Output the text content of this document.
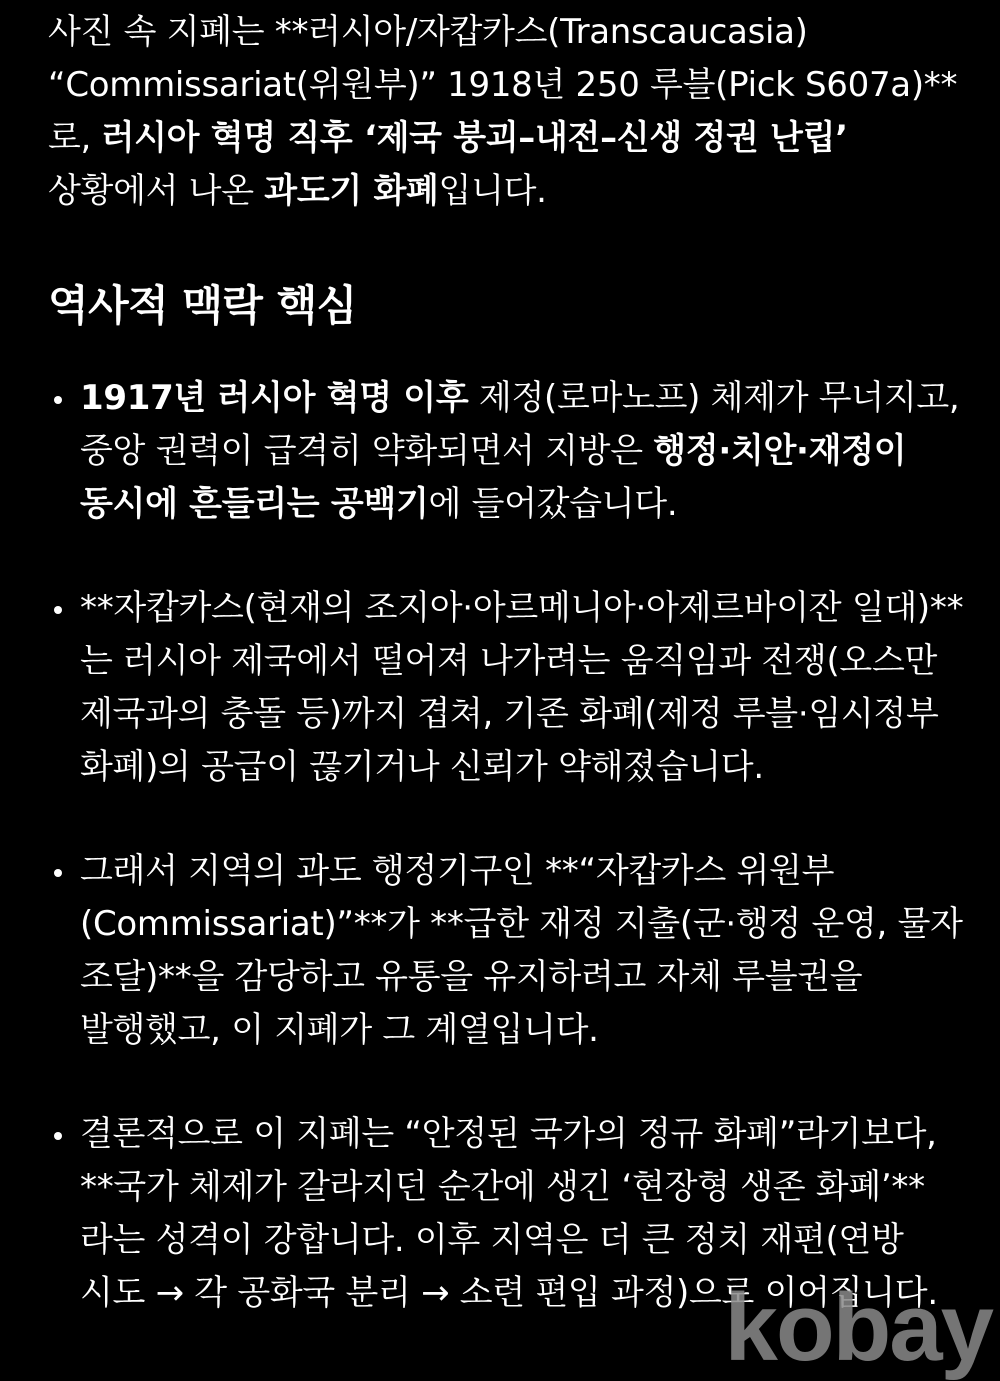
사진 속 지폐는 **러시아/자캅카스(Transcaucasia) “Commissariat(위원부)” 1918년 250 루블(Pick S607a)**로, 러시아 혁명 직후 ‘제국 붕괴–내전–신생 정권 난립’ 상황에서 나온 과도기 화폐입니다.

역사적 맥락 핵심
1917년 러시아 혁명 이후 제정(로마노프) 체제가 무너지고, 중앙 권력이 급격히 약화되면서 지방은 행정·치안·재정이 동시에 흔들리는 공백기에 들어갔습니다.
**자캅카스(현재의 조지아·아르메니아·아제르바이잔 일대)**는 러시아 제국에서 떨어져 나가려는 움직임과 전쟁(오스만 제국과의 충돌 등)까지 겹쳐, 기존 화폐(제정 루블·임시정부 화폐)의 공급이 끊기거나 신뢰가 약해졌습니다.
그래서 지역의 과도 행정기구인 **“자캅카스 위원부(Commissariat)”**가 **급한 재정 지출(군·행정 운영, 물자 조달)**을 감당하고 유통을 유지하려고 자체 루블권을 발행했고, 이 지폐가 그 계열입니다.
결론적으로 이 지폐는 “안정된 국가의 정규 화폐”라기보다, **국가 체제가 갈라지던 순간에 생긴 ‘현장형 생존 화폐’**라는 성격이 강합니다. 이후 지역은 더 큰 정치 재편(연방 시도 → 각 공화국 분리 → 소련 편입 과정)으로 이어집니다.
kobay
